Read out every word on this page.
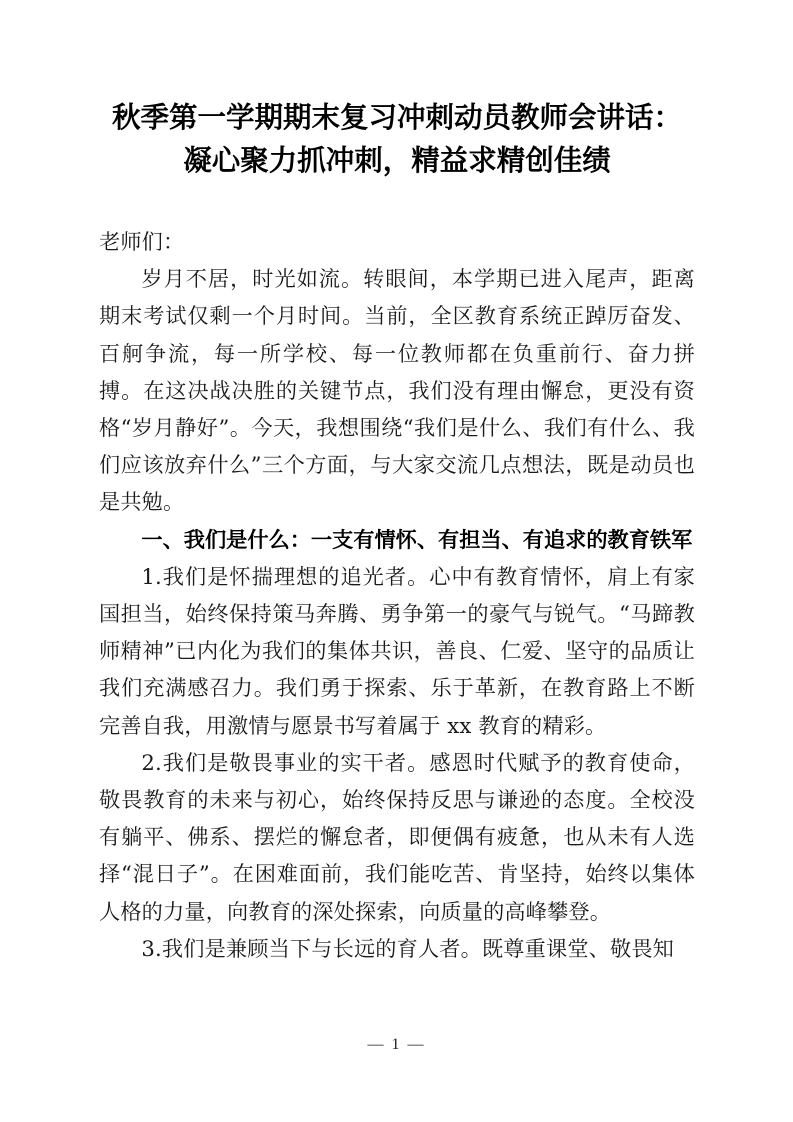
秋季第一学期期末复习冲刺动员教师会讲话：凝心聚力抓冲刺，精益求精创佳绩

老师们：

岁月不居，时光如流。转眼间，本学期已进入尾声，距离期末考试仅剩一个月时间。当前，全区教育系统正踔厉奋发、百舸争流，每一所学校、每一位教师都在负重前行、奋力拼搏。在这决战决胜的关键节点，我们没有理由懈怠，更没有资格“岁月静好”。今天，我想围绕“我们是什么、我们有什么、我们应该放弃什么”三个方面，与大家交流几点想法，既是动员也是共勉。

一、我们是什么：一支有情怀、有担当、有追求的教育铁军

1.我们是怀揣理想的追光者。心中有教育情怀，肩上有家国担当，始终保持策马奔腾、勇争第一的豪气与锐气。“马蹄教师精神”已内化为我们的集体共识，善良、仁爱、坚守的品质让我们充满感召力。我们勇于探索、乐于革新，在教育路上不断完善自我，用激情与愿景书写着属于 xx 教育的精彩。

2.我们是敬畏事业的实干者。感恩时代赋予的教育使命，敬畏教育的未来与初心，始终保持反思与谦逊的态度。全校没有躺平、佛系、摆烂的懈怠者，即便偶有疲惫，也从未有人选择“混日子”。在困难面前，我们能吃苦、肯坚持，始终以集体人格的力量，向教育的深处探索，向质量的高峰攀登。

3.我们是兼顾当下与长远的育人者。既尊重课堂、敬畏知

— 1 —
